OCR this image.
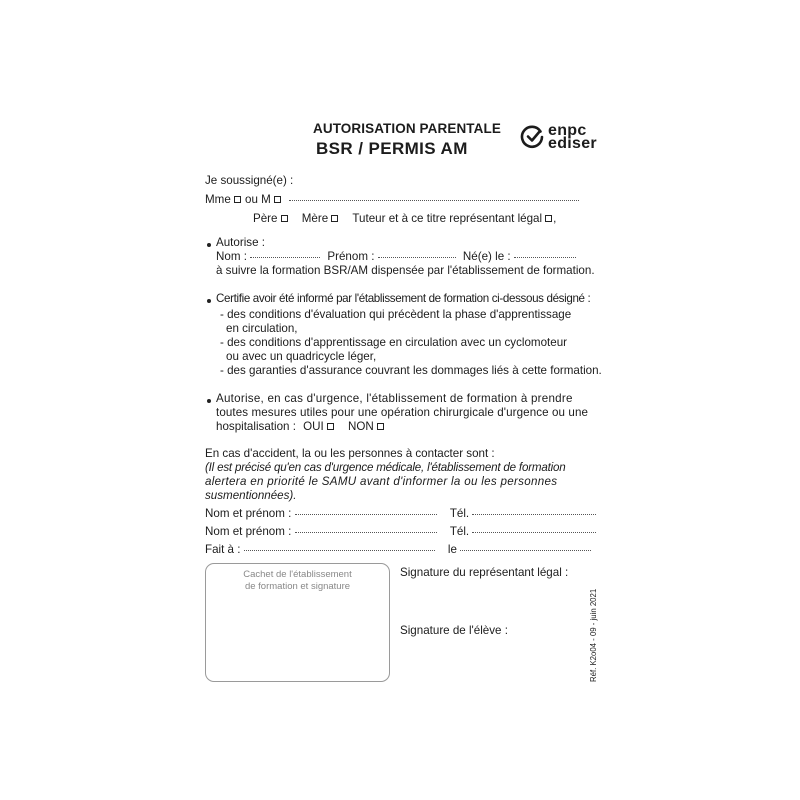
AUTORISATION PARENTALE
BSR / PERMIS AM
enpc
ediser
Je soussigné(e) :
Mme ou M
Père Mère Tuteur et à ce titre représentant légal ,
Autorise :
Nom :	Prénom :	Né(e) le :
à suivre la formation BSR/AM dispensée par l'établissement de formation.
Certifie avoir été informé par l'établissement de formation ci-dessous désigné :
- des conditions d'évaluation qui précèdent la phase d'apprentissage
en circulation,
- des conditions d'apprentissage en circulation avec un cyclomoteur
ou avec un quadricycle léger,
- des garanties d'assurance couvrant les dommages liés à cette formation.
Autorise, en cas d'urgence, l'établissement de formation à prendre
toutes mesures utiles pour une opération chirurgicale d'urgence ou une
hospitalisation : OUI NON
En cas d'accident, la ou les personnes à contacter sont :
(Il est précisé qu'en cas d'urgence médicale, l'établissement de formation
alertera en priorité le SAMU avant d'informer la ou les personnes
susmentionnées).
Nom et prénom :	Tél.
Nom et prénom :	Tél.
Fait à :	le
Cachet de l'établissement
de formation et signature
Signature du représentant légal :
Signature de l'élève :	Réf. K2o04 - 09 - juin 2021
